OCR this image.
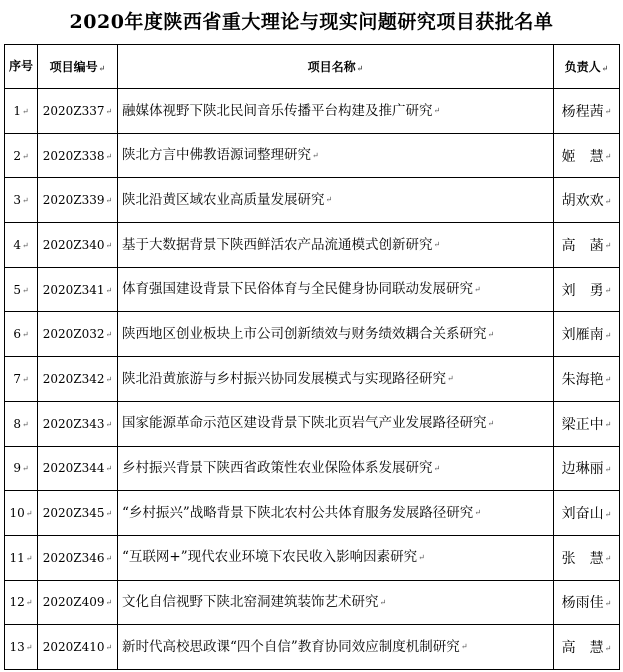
2020年度陕西省重大理论与现实问题研究项目获批名单
序号	项目编号↵	项目名称↵	负责人↵
1↵	2020Z337↵	融媒体视野下陕北民间音乐传播平台构建及推广研究↵	杨程茜↵
2↵	2020Z338↵	陕北方言中佛教语源词整理研究↵	姬　慧↵
3↵	2020Z339↵	陕北沿黄区域农业高质量发展研究↵	胡欢欢↵
4↵	2020Z340↵	基于大数据背景下陕西鲜活农产品流通模式创新研究↵	高　菡↵
5↵	2020Z341↵	体育强国建设背景下民俗体育与全民健身协同联动发展研究↵	刘　勇↵
6↵	2020Z032↵	陕西地区创业板块上市公司创新绩效与财务绩效耦合关系研究↵	刘雁南↵
7↵	2020Z342↵	陕北沿黄旅游与乡村振兴协同发展模式与实现路径研究↵	朱海艳↵
8↵	2020Z343↵	国家能源革命示范区建设背景下陕北页岩气产业发展路径研究↵	梁正中↵
9↵	2020Z344↵	乡村振兴背景下陕西省政策性农业保险体系发展研究↵	边琳丽↵
10↵	2020Z345↵	“乡村振兴”战略背景下陕北农村公共体育服务发展路径研究↵	刘奋山↵
11↵	2020Z346↵	“互联网+”现代农业环境下农民收入影响因素研究↵	张　慧↵
12↵	2020Z409↵	文化自信视野下陕北窑洞建筑装饰艺术研究↵	杨雨佳↵
13↵	2020Z410↵	新时代高校思政课“四个自信”教育协同效应制度机制研究↵	高　慧↵
